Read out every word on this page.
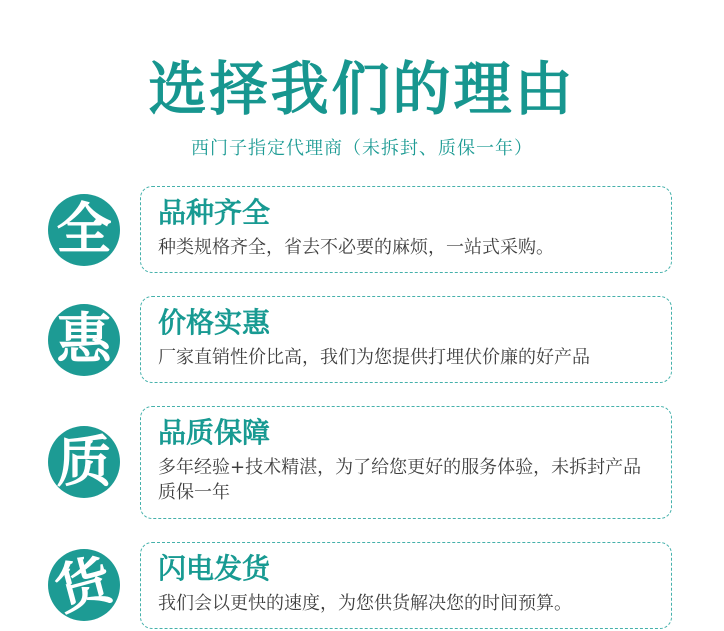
选择我们的理由
西门子指定代理商（未拆封、质保一年）
全 品种齐全
种类规格齐全，省去不必要的麻烦，一站式采购。
惠 价格实惠
厂家直销性价比高，我们为您提供打埋伏价廉的好产品
质 品质保障
多年经验+技术精湛，为了给您更好的服务体验，未拆封产品质保一年
货 闪电发货
我们会以更快的速度，为您供货解决您的时间预算。
